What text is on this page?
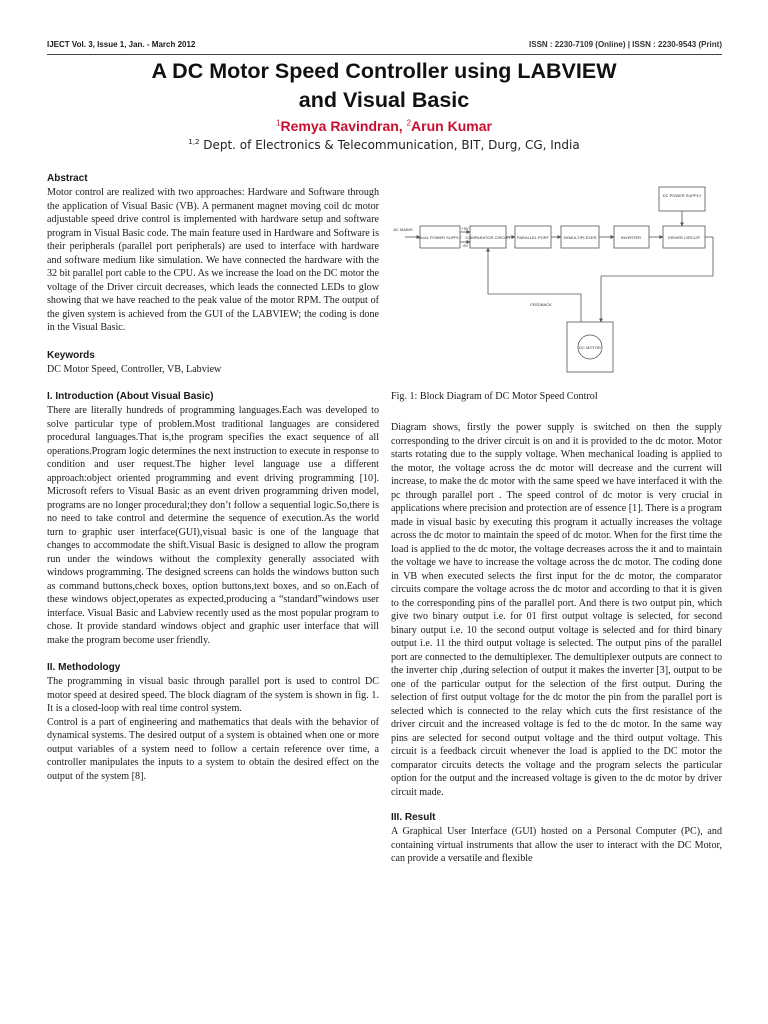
IJECT Vol. 3, Issue 1, Jan. - March 2012	ISSN : 2230-7109 (Online) | ISSN : 2230-9543 (Print)
A DC Motor Speed Controller using LABVIEW
and Visual Basic
$^1$Remya Ravindran, $^2$Arun Kumar
$^{1,2}$ Dept. of Electronics & Telecommunication, BIT, Durg, CG, India
Abstract

Motor control are realized with two approaches: Hardware and Software through the application of Visual Basic (VB). A permanent magnet moving coil dc motor adjustable speed drive control is implemented with hardware setup and software program in Visual Basic code. The main feature used in Hardware and Software is their peripherals (parallel port peripherals) are used to interface with hardware and software medium like simulation. We have connected the hardware with the 32 bit parallel port cable to the CPU. As we increase the load on the DC motor the voltage of the Driver circuit decreases, which leads the connected LEDs to glow showing that we have reached to the peak value of the motor RPM. The output of the given system is achieved from the GUI of the LABVIEW; the coding is done in the Visual Basic.

Keywords

DC Motor Speed, Controller, VB, Labview

I. Introduction (About Visual Basic)

There are literally hundreds of programming languages.Each was developed to solve particular type of problem.Most traditional languages are considered procedural languages.That is,the program specifies the exact sequence of all operations.Program logic determines the next instruction to execute in response to condition and user request.The higher level language use a different approach:object oriented programming and event driving programming [10]. Microsoft refers to Visual Basic as an event driven programming driven model, programs are no longer procedural;they don’t follow a sequential logic.So,there is no need to take control and determine the sequence of execution.As the world turn to graphic user interface(GUI),visual basic is one of the language that changes to accommodate the shift.Visual Basic is designed to allow the program run under the windows without the complexity generally associated with windows programming. The designed screens can holds the windows button such as command buttons,check boxes, option buttons,text boxes, and so on.Each of these windows object,operates as expected,producing a “standard”windows user interface. Visual Basic and Labview recently used as the most popular program to chose. It provide standard windows object and graphic user interface that will make the program become user friendly.

II. Methodology

The programming in visual basic through parallel port is used to control DC motor speed at desired speed. The block diagram of the system is shown in fig. 1. It is a closed-loop with real time control system.

Control is a part of engineering and mathematics that deals with the behavior of dynamical systems. The desired output of a system is obtained when one or more output variables of a system need to follow a certain reference over time, a controller manipulates the inputs to a system to obtain the desired effect on the output of the system [8].

DC POWER SUPPLY
AC MAINS
DUAL POWER SUPPLY COMPARATOR CIRCUIT PARALLEL PORT	DEMULTIPLEXER	INVERTER	DRIVER CIRCUIT
+5V
-5V
FEEDBACK
DC MOTOR
Fig. 1: Block Diagram of DC Motor Speed Control

Diagram shows, firstly the power supply is switched on then the supply corresponding to the driver circuit is on and it is provided to the dc motor. Motor starts rotating due to the supply voltage. When mechanical loading is applied to the motor, the voltage across the dc motor will decrease and the current will increase, to make the dc motor with the same speed we have interfaced it with the pc through parallel port . The speed control of dc motor is very crucial in applications where precision and protection are of essence [1]. There is a program made in visual basic by executing this program it actually increases the voltage across the dc motor to maintain the speed of dc motor. When for the first time the load is applied to the dc motor, the voltage decreases across the it and to maintain the voltage we have to increase the voltage across the dc motor. The coding done in VB when executed selects the first input for the dc motor, the comparator circuits compare the voltage across the dc motor and according to that it is given to the corresponding pins of the parallel port. And there is two output pin, which give two binary output i.e. for 01 first output voltage is selected, for second binary output i.e. 10 the second output voltage is selected and for third binary output i.e. 11 the third output voltage is selected. The output pins of the parallel port are connected to the demultiplexer. The demultiplexer outputs are connect to the inverter chip ,during selection of output it makes the inverter [3], output to be one of the particular output for the selection of the first output. During the selection of first output voltage for the dc motor the pin from the parallel port is selected which is connected to the relay which cuts the first resistance of the driver circuit and the increased voltage is fed to the dc motor. In the same way pins are selected for second output voltage and the third output voltage. This circuit is a feedback circuit whenever the load is applied to the DC motor the comparator circuits detects the voltage and the program selects the particular option for the output and the increased voltage is given to the dc motor by driver circuit made.

III. Result

A Graphical User Interface (GUI) hosted on a Personal Computer (PC), and containing virtual instruments that allow the user to interact with the DC Motor, can provide a versatile and flexible
